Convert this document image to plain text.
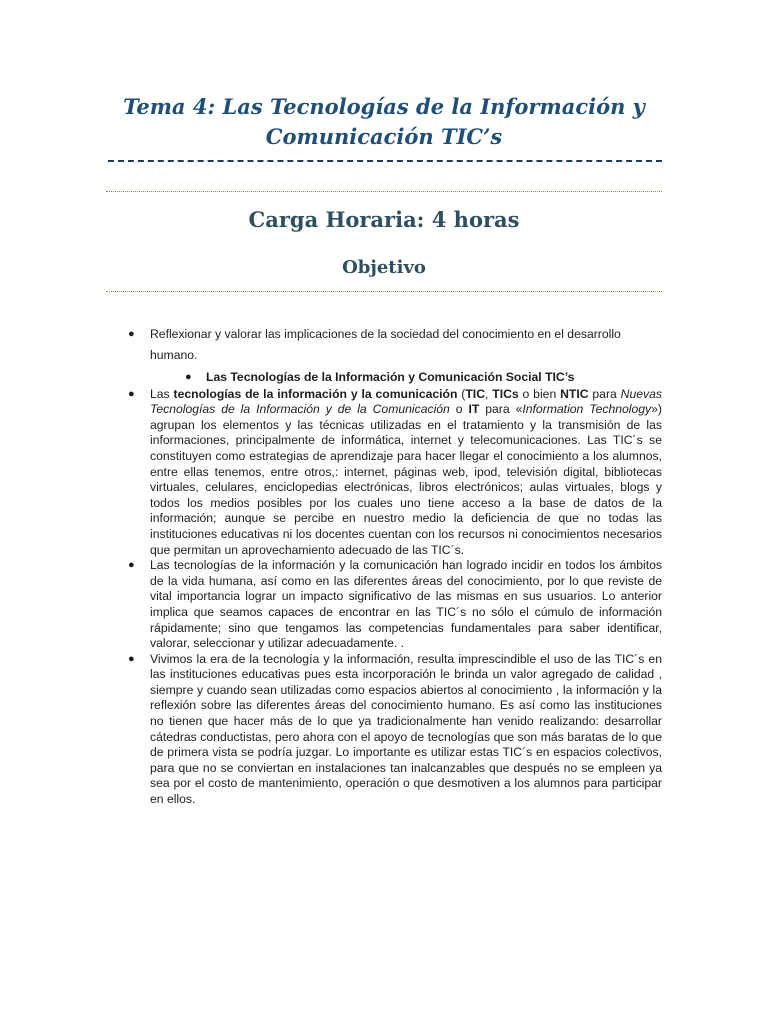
Tema 4: Las Tecnologías de la Información y
Comunicación TIC’s
Carga Horaria: 4 horas
Objetivo

● Reflexionar y valorar las implicaciones de la sociedad del conocimiento en el desarrollo humano.

● Las Tecnologías de la Información y Comunicación Social TIC’s

● Las tecnologías de la información y la comunicación (TIC, TICs o bien NTIC para Nuevas Tecnologías de la Información y de la Comunicación o IT para «Information Technology») agrupan los elementos y las técnicas utilizadas en el tratamiento y la transmisión de las informaciones, principalmente de informática, internet y telecomunicaciones. Las TIC´s se constituyen como estrategias de aprendizaje para hacer llegar el conocimiento a los alumnos, entre ellas tenemos, entre otros,: internet, páginas web, ipod, televisión digital, bibliotecas virtuales, celulares, enciclopedias electrónicas, libros electrónicos; aulas virtuales, blogs y todos los medios posibles por los cuales uno tiene acceso a la base de datos de la información; aunque se percibe en nuestro medio la deficiencia de que no todas las instituciones educativas ni los docentes cuentan con los recursos ni conocimientos necesarios que permitan un aprovechamiento adecuado de las TIC´s.

● Las tecnologías de la información y la comunicación han logrado incidir en todos los ámbitos de la vida humana, así como en las diferentes áreas del conocimiento, por lo que reviste de vital importancia lograr un impacto significativo de las mismas en sus usuarios. Lo anterior implica que seamos capaces de encontrar en las TIC´s no sólo el cúmulo de información rápidamente; sino que tengamos las competencias fundamentales para saber identificar, valorar, seleccionar y utilizar adecuadamente. .

● Vivimos la era de la tecnología y la información, resulta imprescindible el uso de las TIC´s en las instituciones educativas pues esta incorporación le brinda un valor agregado de calidad , siempre y cuando sean utilizadas como espacios abiertos al conocimiento , la información y la reflexión sobre las diferentes áreas del conocimiento humano. Es así como las instituciones no tienen que hacer más de lo que ya tradicionalmente han venido realizando: desarrollar cátedras conductistas, pero ahora con el apoyo de tecnologías que son más baratas de lo que de primera vista se podría juzgar. Lo importante es utilizar estas TIC´s en espacios colectivos, para que no se conviertan en instalaciones tan inalcanzables que después no se empleen ya sea por el costo de mantenimiento, operación o que desmotiven a los alumnos para participar en ellos.
